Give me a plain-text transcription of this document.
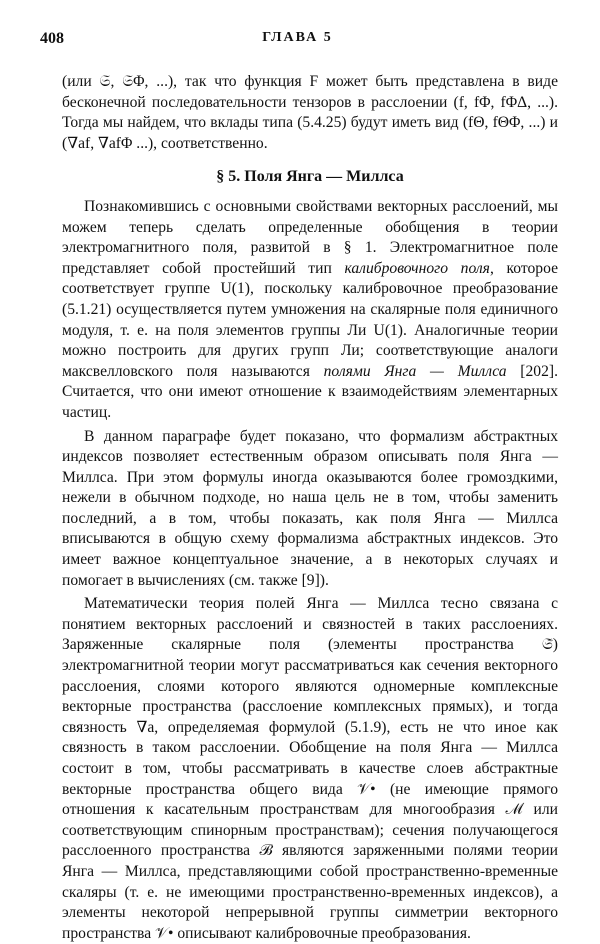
408	ГЛАВА 5

(или 𝔖, 𝔖Φ, ...), так что функция F может быть представлена в виде бесконечной последовательности тензоров в расслоении (f, fΦ, fΦΔ, ...). Тогда мы найдем, что вклады типа (5.4.25) будут иметь вид (fΘ, fΘΦ, ...) и (∇af, ∇afΦ ...), соответственно.

§ 5. Поля Янга — Миллса

Познакомившись с основными свойствами векторных расслоений, мы можем теперь сделать определенные обобщения в теории электромагнитного поля, развитой в § 1. Электромагнитное поле представляет собой простейший тип калибровочного поля, которое соответствует группе U(1), поскольку калибровочное преобразование (5.1.21) осуществляется путем умножения на скалярные поля единичного модуля, т. е. на поля элементов группы Ли U(1). Аналогичные теории можно построить для других групп Ли; соответствующие аналоги максвелловского поля называются полями Янга — Миллса [202]. Считается, что они имеют отношение к взаимодействиям элементарных частиц.

В данном параграфе будет показано, что формализм абстрактных индексов позволяет естественным образом описывать поля Янга — Миллса. При этом формулы иногда оказываются более громоздкими, нежели в обычном подходе, но наша цель не в том, чтобы заменить последний, а в том, чтобы показать, как поля Янга — Миллса вписываются в общую схему формализма абстрактных индексов. Это имеет важное концептуальное значение, а в некоторых случаях и помогает в вычислениях (см. также [9]).

Математически теория полей Янга — Миллса тесно связана с понятием векторных расслоений и связностей в таких расслоениях. Заряженные скалярные поля (элементы пространства 𝔖̃) электромагнитной теории могут рассматриваться как сечения векторного расслоения, слоями которого являются одномерные комплексные векторные пространства (расслоение комплексных прямых), и тогда связность ∇a, определяемая формулой (5.1.9), есть не что иное как связность в таком расслоении. Обобщение на поля Янга — Миллса состоит в том, чтобы рассматривать в качестве слоев абстрактные векторные пространства общего вида 𝒱• (не имеющие прямого отношения к касательным пространствам для многообразия ℳ или соответствующим спинорным пространствам); сечения получающегося расслоенного пространства ℬ являются заряженными полями теории Янга — Миллса, представляющими собой пространственно-временные скаляры (т. е. не имеющими пространственно-временных индексов), а элементы некоторой непрерывной группы симметрии векторного пространства 𝒱• описывают калибровочные преобразования.
